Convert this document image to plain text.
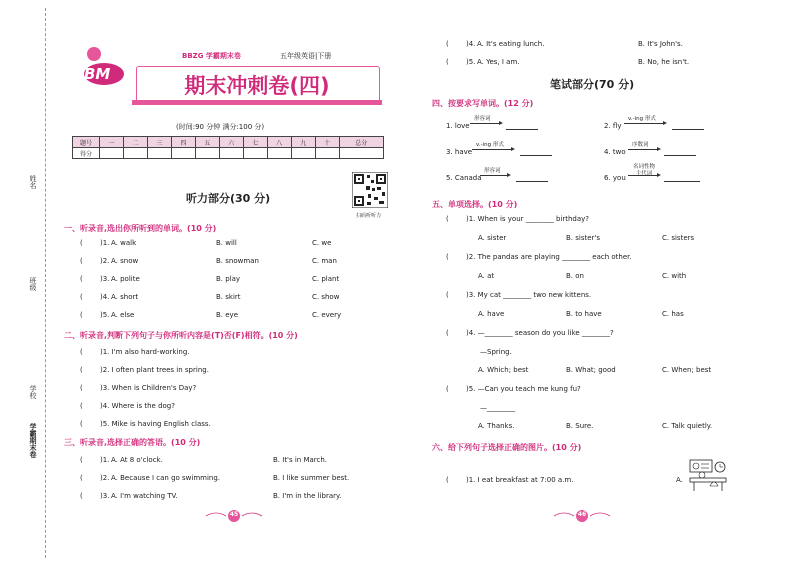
姓名
班级
学校
学霸期末卷
BM
BBZG 学霸期末卷	五年级英语|下册
期末冲刺卷(四)
(时间:90 分钟 满分:100 分)
题号	一	二	三	四	五	六	七	八	九	十	总分
得分											
扫码听听力
听力部分(30 分)
一、听录音,选出你所听到的单词。(10 分)
( )1. A. walk	B. will	C. we
( )2. A. snow	B. snowman	C. man
( )3. A. polite	B. play	C. plant
( )4. A. short	B. skirt	C. show
( )5. A. else	B. eye	C. every
二、听录音,判断下列句子与你所听内容是(T)否(F)相符。(10 分)
( )1. I'm also hard-working.
( )2. I often plant trees in spring.
( )3. When is Children's Day?
( )4. Where is the dog?
( )5. Mike is having English class.
三、听录音,选择正确的答语。(10 分)
( )1. A. At 8 o'clock.	B. It's in March.
( )2. A. Because I can go swimming.	B. I like summer best.
( )3. A. I'm watching TV.	B. I'm in the library.
45
( )4. A. It's eating lunch.	B. It's John's.
( )5. A. Yes, I am.	B. No, he isn't.
笔试部分(70 分)
四、按要求写单词。(12 分)
1. love
形容词
2. fly
v.-ing 形式
3. have
v.-ing 形式
4. two
序数词
5. Canada
形容词
6. you
名词性物主代词
五、单项选择。(10 分)
( )1. When is your ________ birthday?
A. sister	B. sister's	C. sisters
( )2. The pandas are playing ________ each other.
A. at	B. on	C. with
( )3. My cat ________ two new kittens.
A. have	B. to have	C. has
( )4. —________ season do you like ________?
—Spring.
A. Which; best	B. What; good	C. When; best
( )5. —Can you teach me kung fu?
—________
A. Thanks.	B. Sure.	C. Talk quietly.
六、给下列句子选择正确的图片。(10 分)
( )1. I eat breakfast at 7:00 a.m.	A.
46
